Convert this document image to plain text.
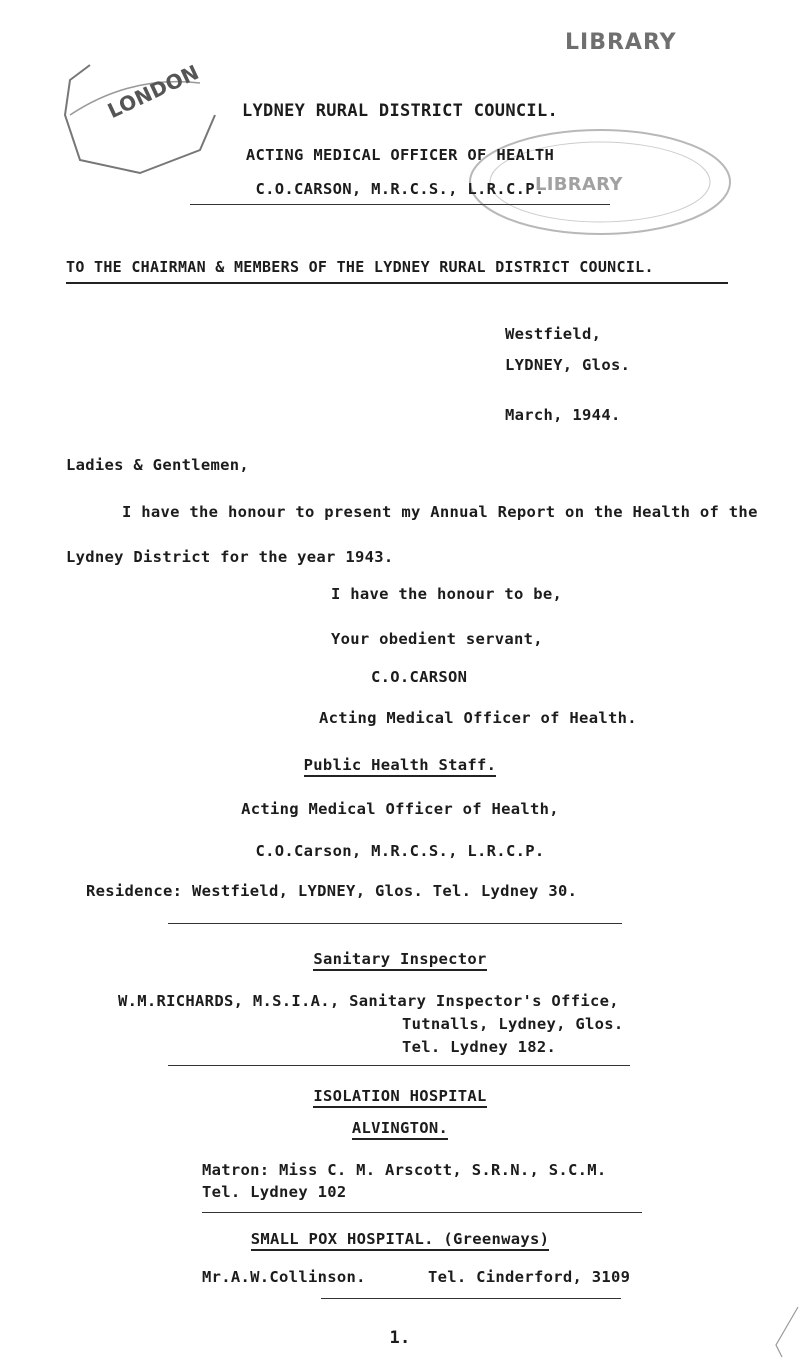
LONDON
LIBRARY
LIBRARY
LYDNEY RURAL DISTRICT COUNCIL.
ACTING MEDICAL OFFICER OF HEALTH
C.O.CARSON, M.R.C.S., L.R.C.P.
TO THE CHAIRMAN & MEMBERS OF THE LYDNEY RURAL DISTRICT COUNCIL.
Westfield,
LYDNEY, Glos.
March, 1944.
Ladies & Gentlemen,
I have the honour to present my Annual Report on the Health of the
Lydney District for the year 1943.
I have the honour to be,
Your obedient servant,
C.O.CARSON
Acting Medical Officer of Health.
Public Health Staff.
Acting Medical Officer of Health,
C.O.Carson, M.R.C.S., L.R.C.P.
Residence: Westfield, LYDNEY, Glos. Tel. Lydney 30.
Sanitary Inspector
W.M.RICHARDS, M.S.I.A., Sanitary Inspector's Office,
Tutnalls, Lydney, Glos.
Tel. Lydney 182.
ISOLATION HOSPITAL
ALVINGTON.
Matron: Miss C. M. Arscott, S.R.N., S.C.M.
Tel. Lydney 102
SMALL POX HOSPITAL. (Greenways)
Mr.A.W.Collinson.	Tel. Cinderford, 3109
1.
